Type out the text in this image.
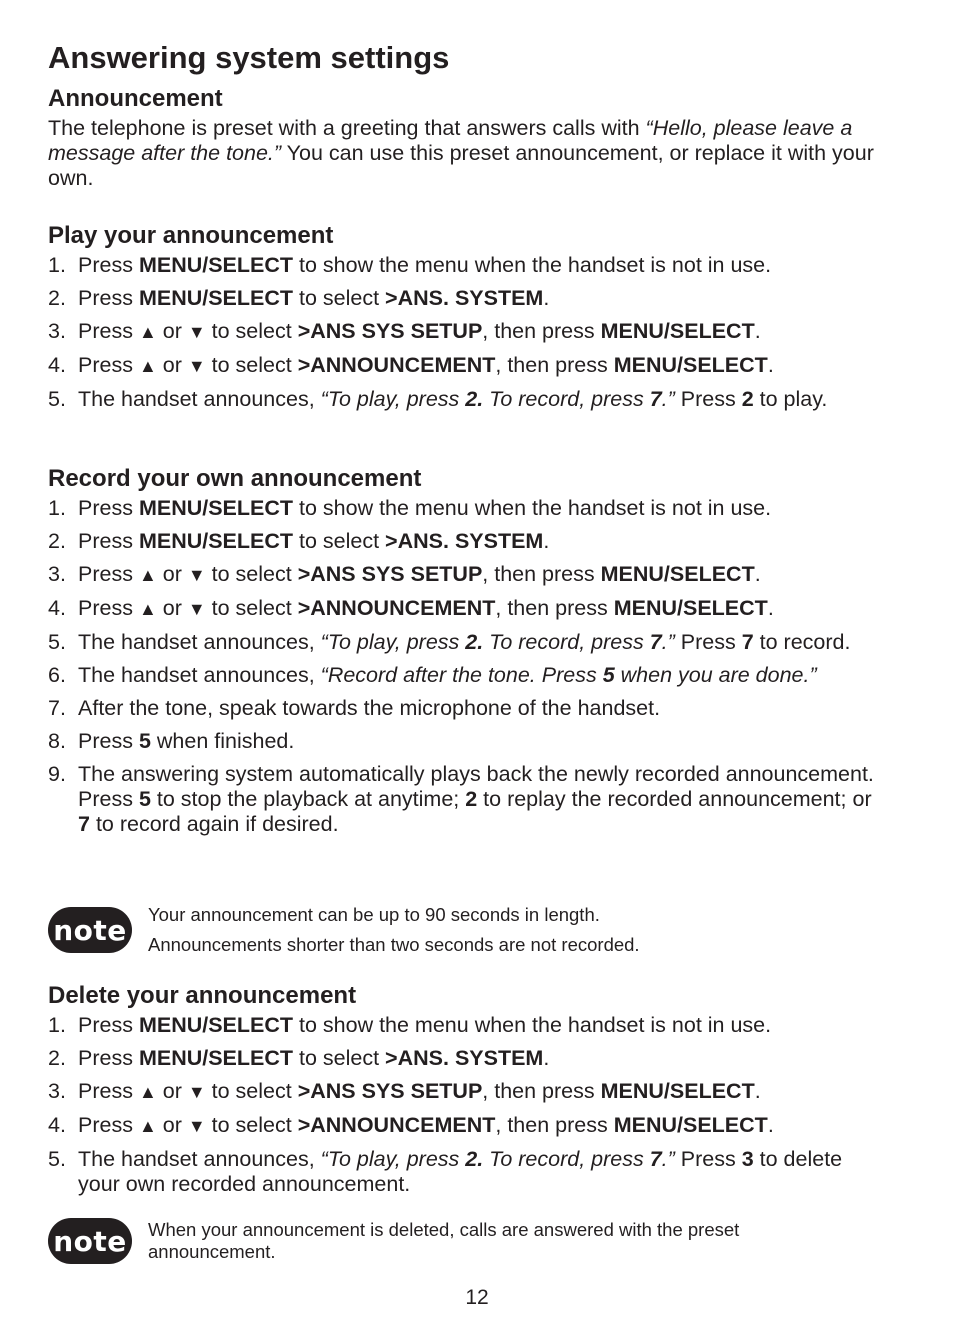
Answering system settings
Announcement

The telephone is preset with a greeting that answers calls with “Hello, please leave a message after the tone.” You can use this preset announcement, or replace it with your own.

Play your announcement
1. Press MENU/SELECT to show the menu when the handset is not in use.
2. Press MENU/SELECT to select >ANS. SYSTEM.
3. Press ▲ or ▼ to select >ANS SYS SETUP, then press MENU/SELECT.
4. Press ▲ or ▼ to select >ANNOUNCEMENT, then press MENU/SELECT.
5. The handset announces, “To play, press 2. To record, press 7.” Press 2 to play.
Record your own announcement
1. Press MENU/SELECT to show the menu when the handset is not in use.
2. Press MENU/SELECT to select >ANS. SYSTEM.
3. Press ▲ or ▼ to select >ANS SYS SETUP, then press MENU/SELECT.
4. Press ▲ or ▼ to select >ANNOUNCEMENT, then press MENU/SELECT.
5. The handset announces, “To play, press 2. To record, press 7.” Press 7 to record.
6. The handset announces, “Record after the tone. Press 5 when you are done.”
7. After the tone, speak towards the microphone of the handset.
8. Press 5 when finished.
9. The answering system automatically plays back the newly recorded announcement. Press 5 to stop the playback at anytime; 2 to replay the recorded announcement; or 7 to record again if desired.
note Your announcement can be up to 90 seconds in length.
Announcements shorter than two seconds are not recorded.
Delete your announcement
1. Press MENU/SELECT to show the menu when the handset is not in use.
2. Press MENU/SELECT to select >ANS. SYSTEM.
3. Press ▲ or ▼ to select >ANS SYS SETUP, then press MENU/SELECT.
4. Press ▲ or ▼ to select >ANNOUNCEMENT, then press MENU/SELECT.
5. The handset announces, “To play, press 2. To record, press 7.” Press 3 to delete your own recorded announcement.
note When your announcement is deleted, calls are answered with the preset announcement.
12
